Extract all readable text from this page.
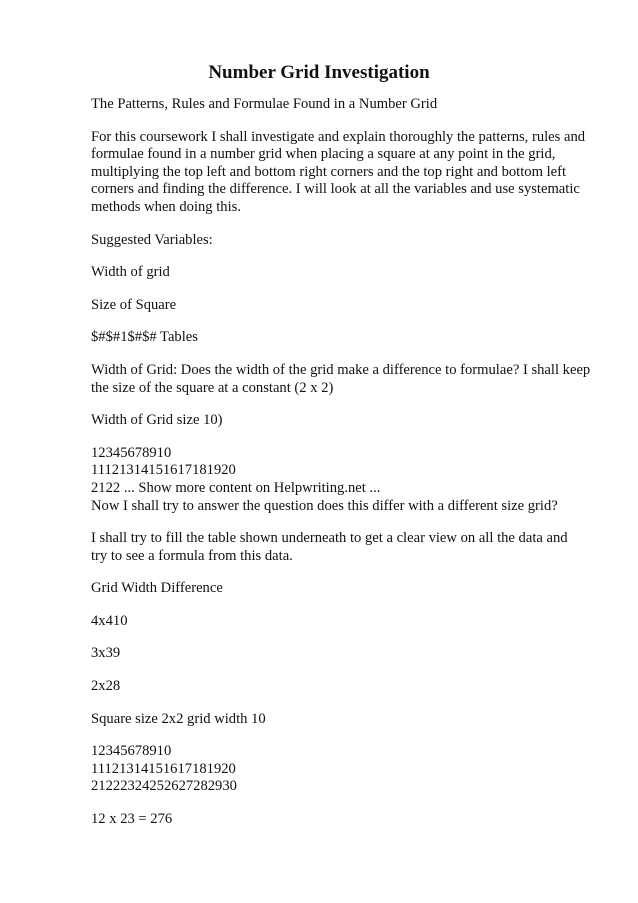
Number Grid Investigation

The Patterns, Rules and Formulae Found in a Number Grid

For this coursework I shall investigate and explain thoroughly the patterns, rules and
formulae found in a number grid when placing a square at any point in the grid,
multiplying the top left and bottom right corners and the top right and bottom left
corners and finding the difference. I will look at all the variables and use systematic
methods when doing this.

Suggested Variables:

Width of grid

Size of Square

$#$#1$#$# Tables

Width of Grid: Does the width of the grid make a difference to formulae? I shall keep
the size of the square at a constant (2 x 2)

Width of Grid size 10)

12345678910
11121314151617181920
2122 ... Show more content on Helpwriting.net ...
Now I shall try to answer the question does this differ with a different size grid?

I shall try to fill the table shown underneath to get a clear view on all the data and
try to see a formula from this data.

Grid Width Difference

4x410

3x39

2x28

Square size 2x2 grid width 10

12345678910
11121314151617181920
21222324252627282930

12 x 23 = 276
